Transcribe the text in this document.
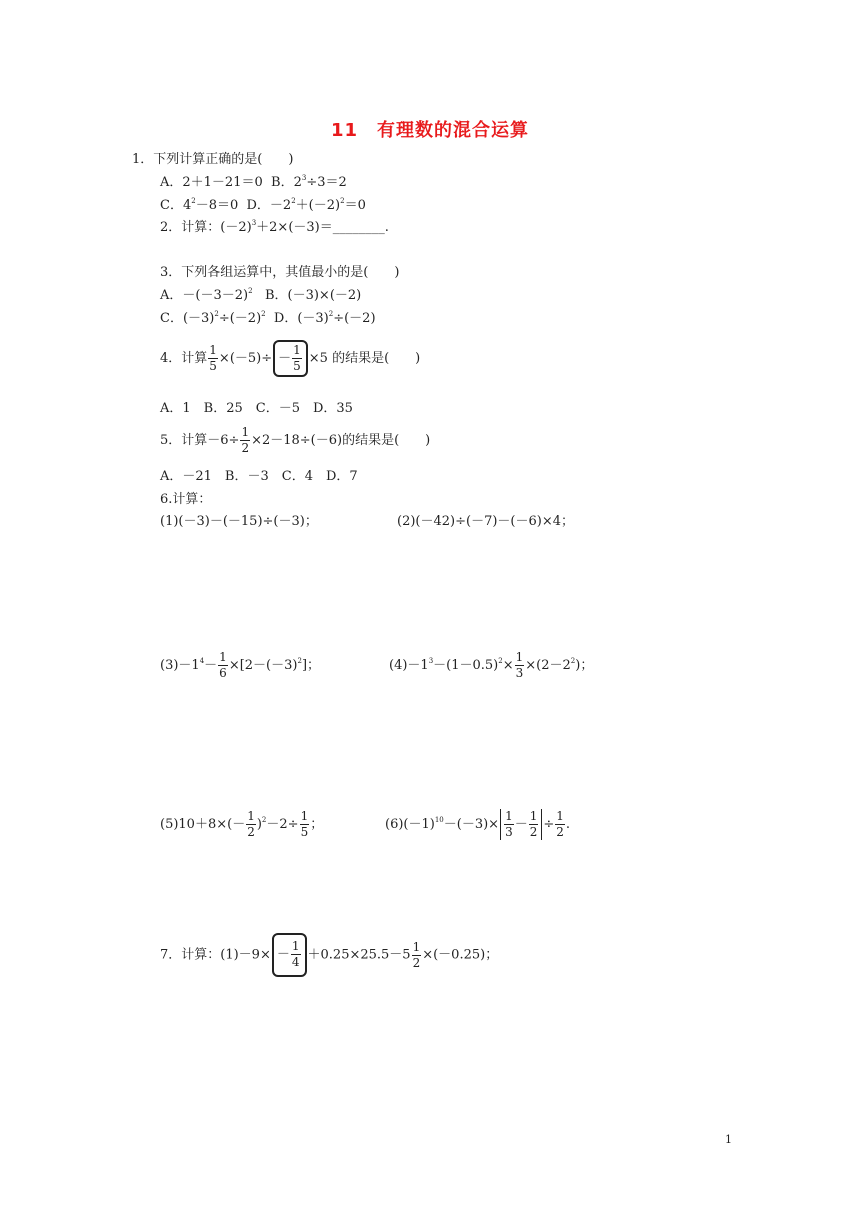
11　有理数的混合运算
1．下列计算正确的是(　　)
A．2＋1－21＝0 B．$2^3\div 3=2$
C．$4^2-8=0$ D．$-2^2+(-2)^2=0$
2．计算：$(-2)^3+2\times(-3)=\_\_\_\_\_\_\_\_$.
3．下列各组运算中，其值最小的是(　　)
A．$-(-3-2)^2$ B．(－3)×(－2)
C．$(-3)^2\div(-2)^2$ D．$(-3)^2\div(-2)$
4．计算 $\frac{1}{5} \times(-5)\div - \frac{1}{5} \times 5$ 的结果是(　　)
A．1　B．25　C．－5　D．35
5．计算$-6\div \frac{1}{2} \times 2-18\div(-6)$的结果是(　　)
A．－21　B．－3　C．4　D．7
6.计算：
(1)(－3)－(－15)÷(－3)；	(2)(－42)÷(－7)－(－6)×4；
$(3)-1^4- \frac{1}{6} \times[2-(-3)^2]$；	$(4)-1^3-(1-0.5)^2\times \frac{1}{3} \times(2-2^2)$；
$(5)10+8\times(- \frac{1}{2} )^2-2\div \frac{1}{5}$ ；	$(6)(-1)^{10}-(-3)\times \frac{1}{3} - \frac{1}{2} \div \frac{1}{2}$ .
7．计算：$(1)-9\times - \frac{1}{4} +0.25\times 25.5-5 \frac{1}{2} \times(-0.25)$；
1
